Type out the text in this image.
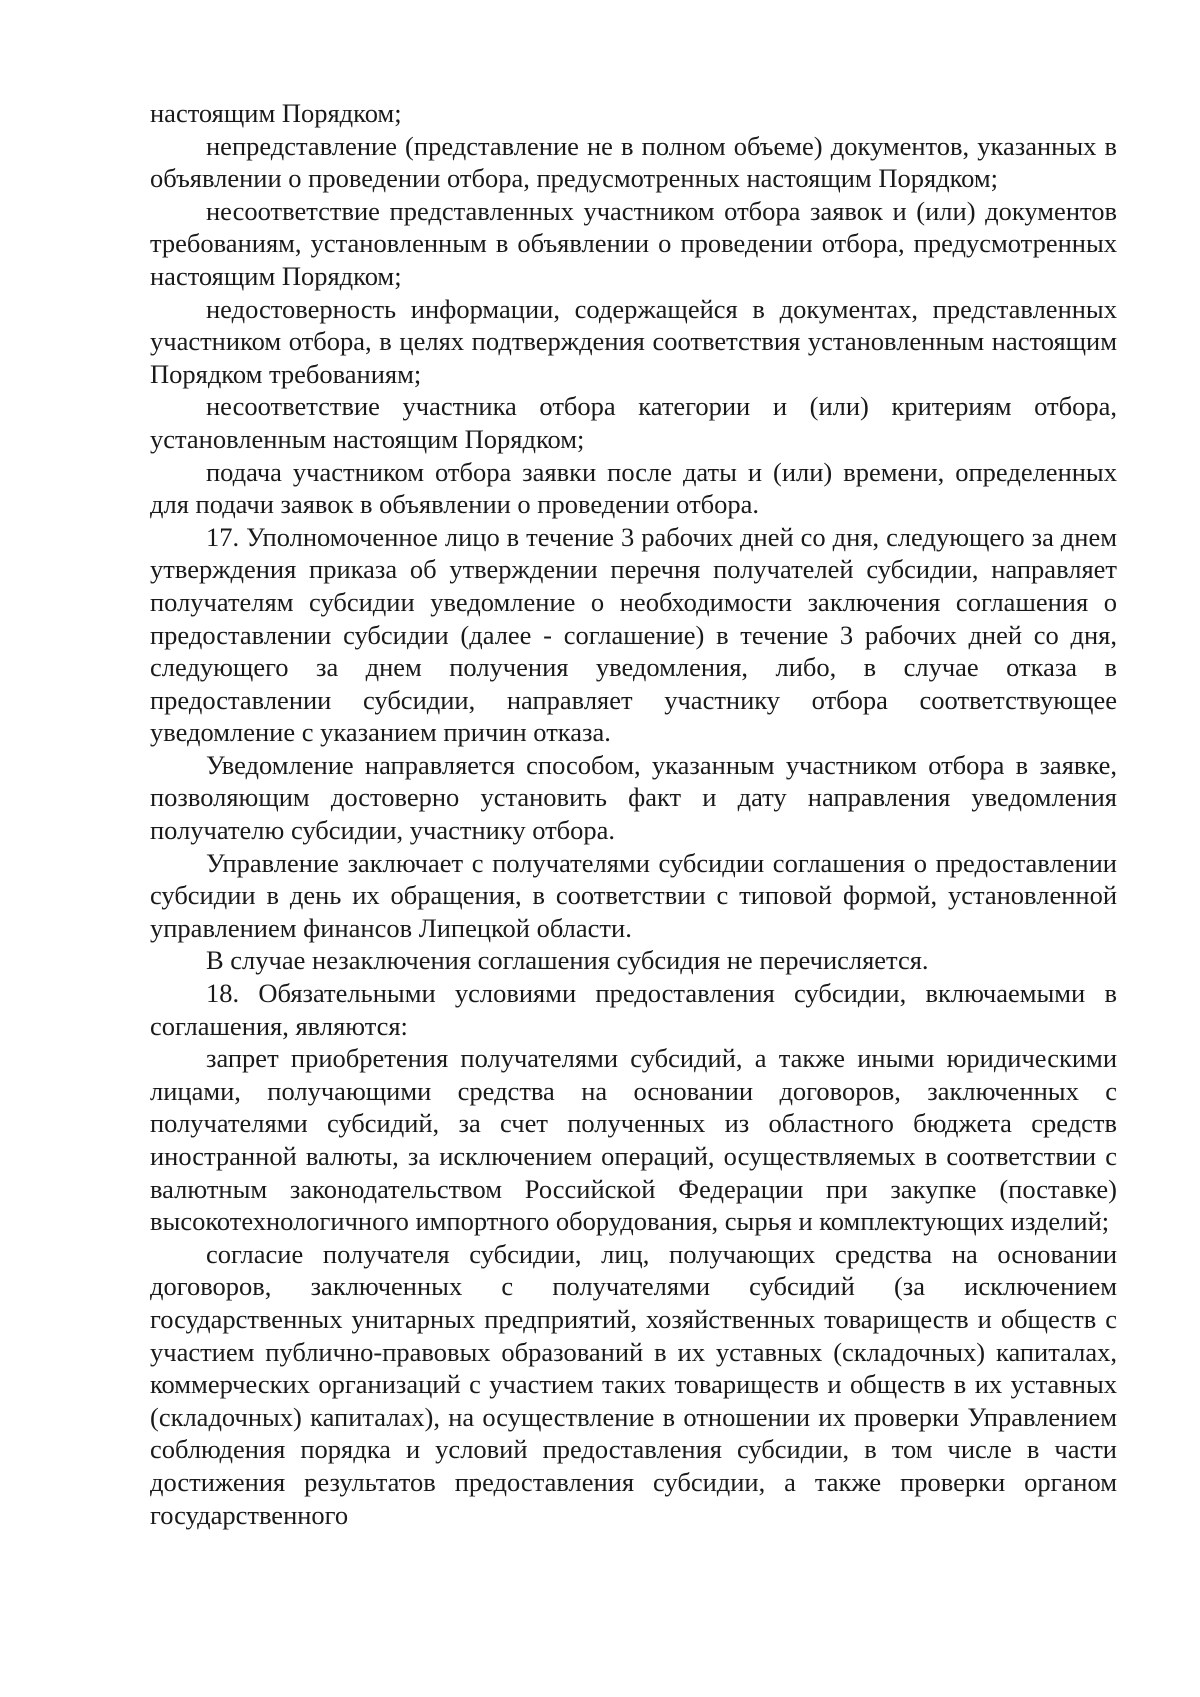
настоящим Порядком;

непредставление (представление не в полном объеме) документов, указанных в объявлении о проведении отбора, предусмотренных настоящим Порядком;

несоответствие представленных участником отбора заявок и (или) документов требованиям, установленным в объявлении о проведении отбора, предусмотренных настоящим Порядком;

недостоверность информации, содержащейся в документах, представленных участником отбора, в целях подтверждения соответствия установленным настоящим Порядком требованиям;

несоответствие участника отбора категории и (или) критериям отбора, установленным настоящим Порядком;

подача участником отбора заявки после даты и (или) времени, определенных для подачи заявок в объявлении о проведении отбора.

17. Уполномоченное лицо в течение 3 рабочих дней со дня, следующего за днем утверждения приказа об утверждении перечня получателей субсидии, направляет получателям субсидии уведомление о необходимости заключения соглашения о предоставлении субсидии (далее - соглашение) в течение 3 рабочих дней со дня, следующего за днем получения уведомления, либо, в случае отказа в предоставлении субсидии, направляет участнику отбора соответствующее уведомление с указанием причин отказа.

Уведомление направляется способом, указанным участником отбора в заявке, позволяющим достоверно установить факт и дату направления уведомления получателю субсидии, участнику отбора.

Управление заключает с получателями субсидии соглашения о предоставлении субсидии в день их обращения, в соответствии с типовой формой, установленной управлением финансов Липецкой области.

В случае незаключения соглашения субсидия не перечисляется.

18. Обязательными условиями предоставления субсидии, включаемыми в соглашения, являются:

запрет приобретения получателями субсидий, а также иными юридическими лицами, получающими средства на основании договоров, заключенных с получателями субсидий, за счет полученных из областного бюджета средств иностранной валюты, за исключением операций, осуществляемых в соответствии с валютным законодательством Российской Федерации при закупке (поставке) высокотехнологичного импортного оборудования, сырья и комплектующих изделий;

согласие получателя субсидии, лиц, получающих средства на основании договоров, заключенных с получателями субсидий (за исключением государственных унитарных предприятий, хозяйственных товариществ и обществ с участием публично-правовых образований в их уставных (складочных) капиталах, коммерческих организаций с участием таких товариществ и обществ в их уставных (складочных) капиталах), на осуществление в отношении их проверки Управлением соблюдения порядка и условий предоставления субсидии, в том числе в части достижения результатов предоставления субсидии, а также проверки органом государственного
